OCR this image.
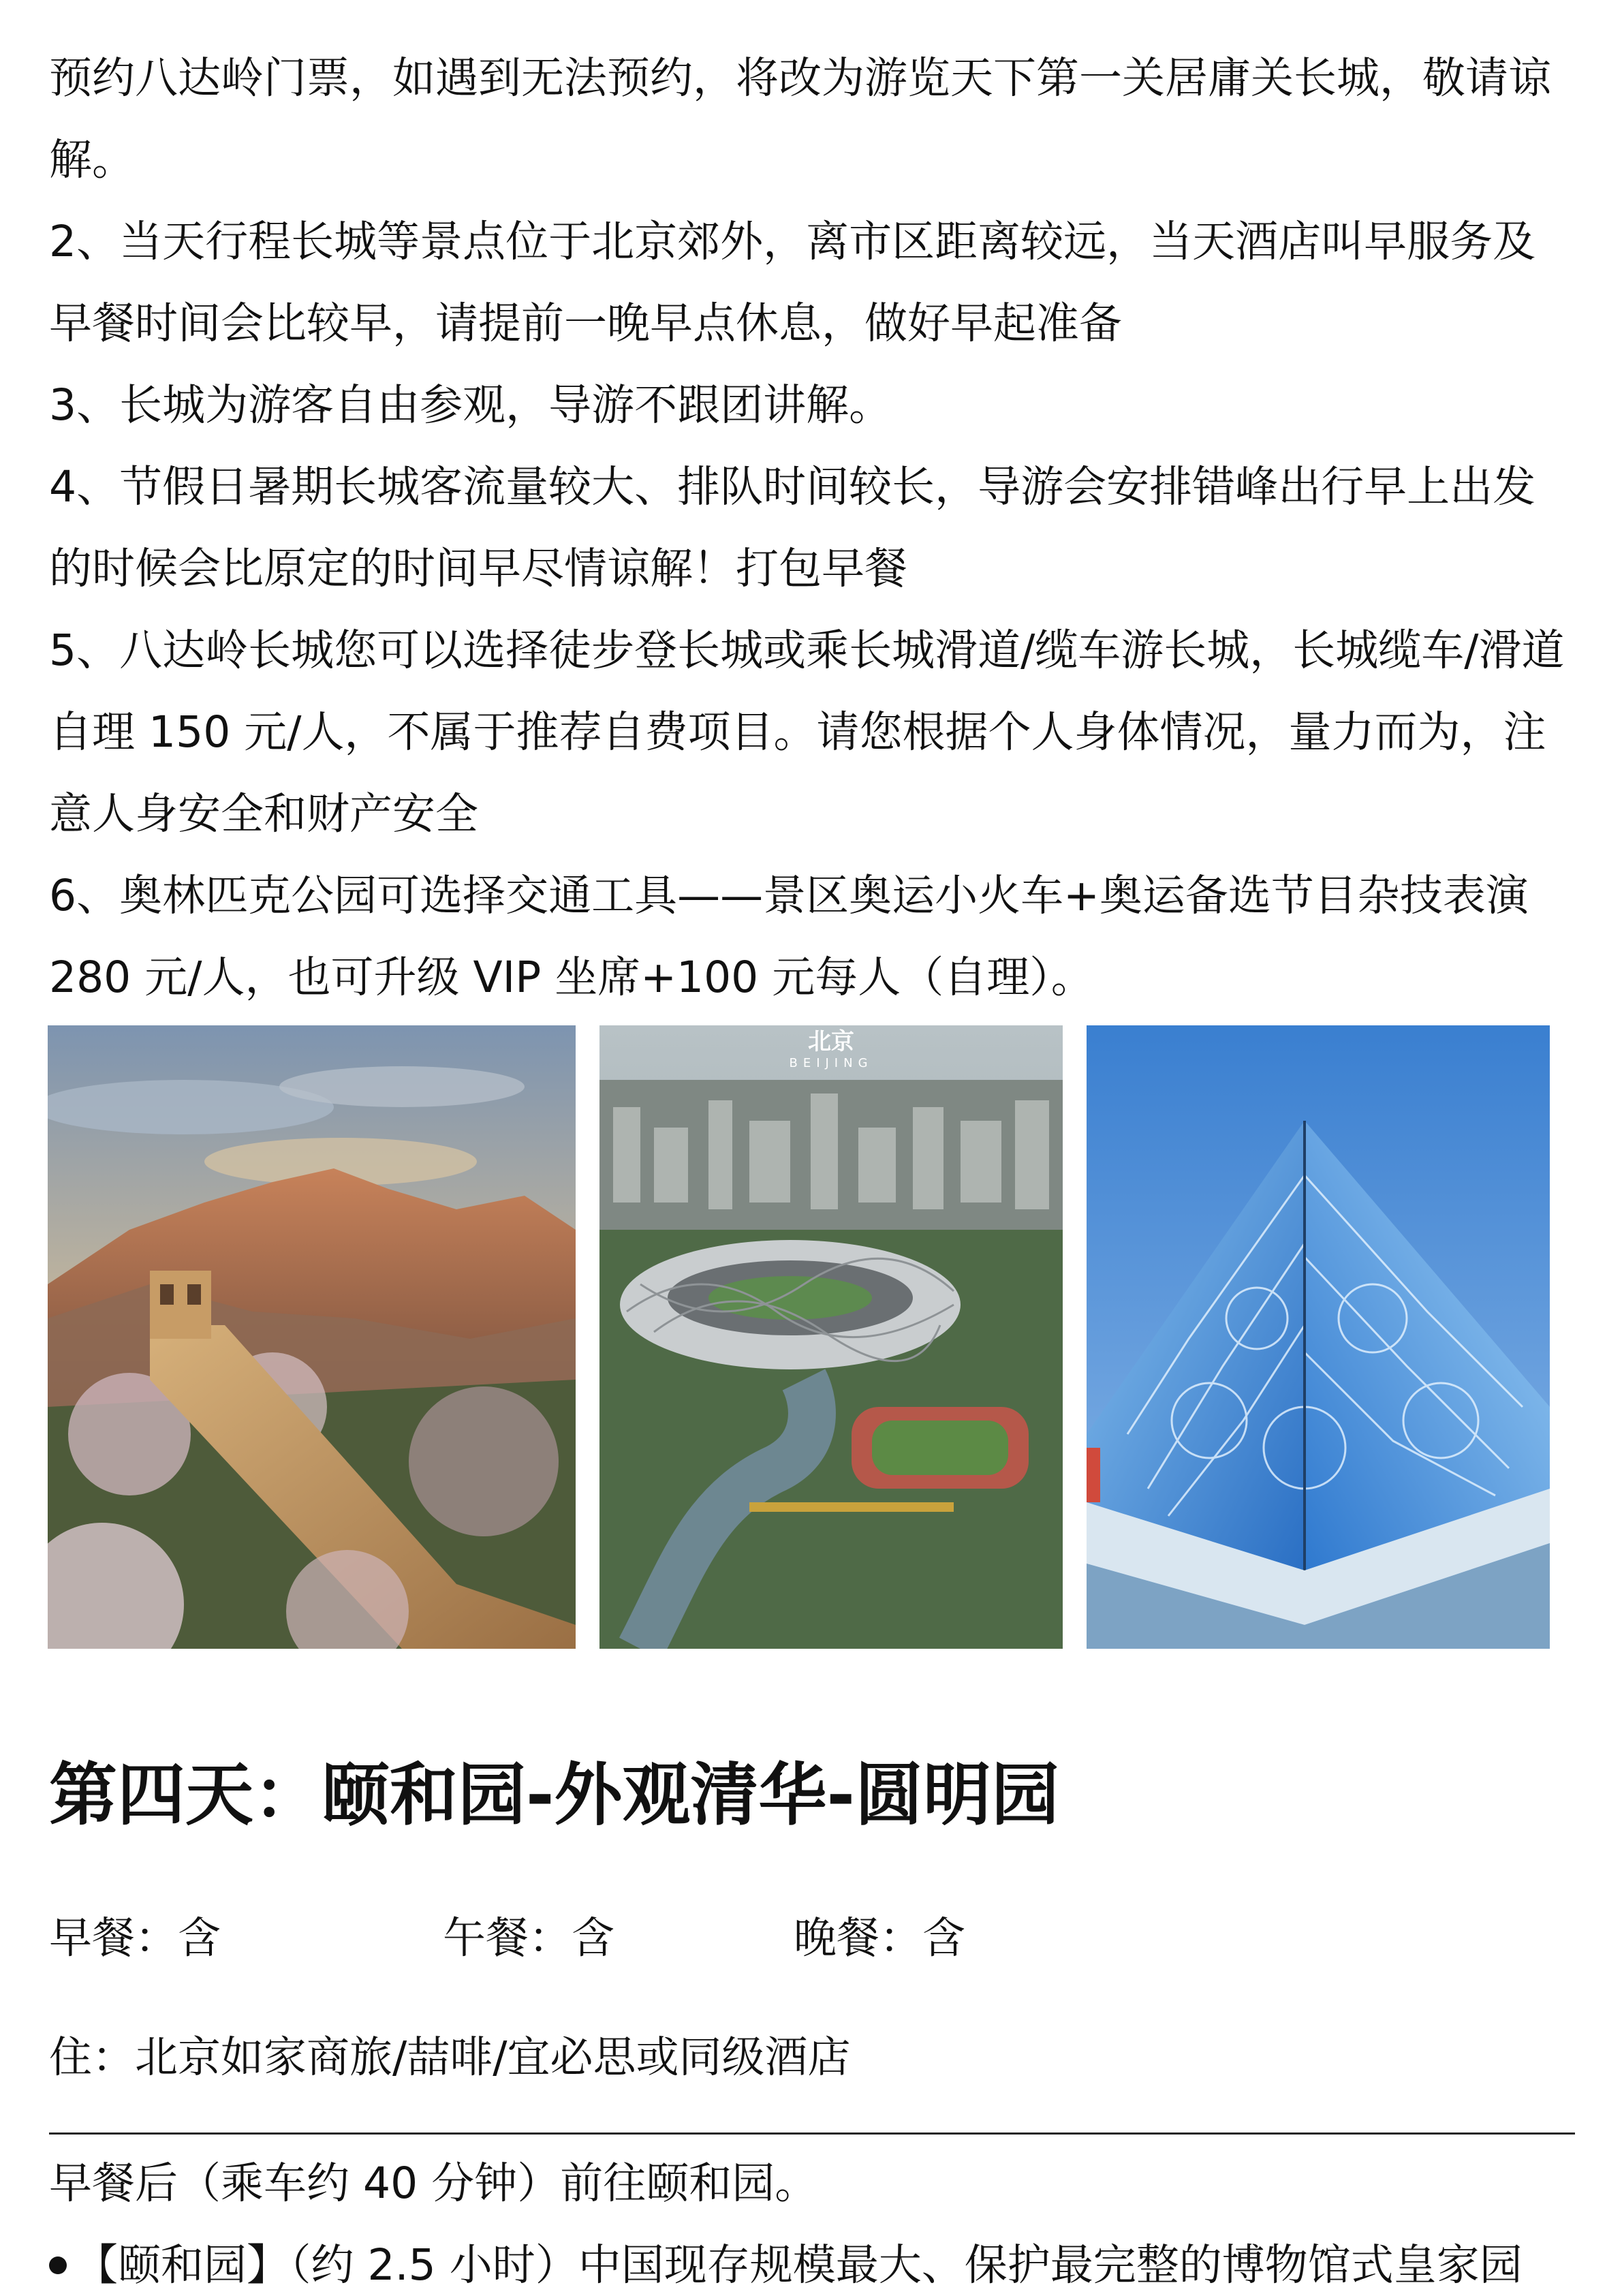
预约八达岭门票，如遇到无法预约，将改为游览天下第一关居庸关长城，敬请谅解。

2、当天行程长城等景点位于北京郊外，离市区距离较远，当天酒店叫早服务及早餐时间会比较早，请提前一晚早点休息，做好早起准备

3、长城为游客自由参观，导游不跟团讲解。

4、节假日暑期长城客流量较大、排队时间较长，导游会安排错峰出行早上出发的时候会比原定的时间早尽情谅解！打包早餐

5、八达岭长城您可以选择徒步登长城或乘长城滑道/缆车游长城，长城缆车/滑道自理 150 元/人，不属于推荐自费项目。请您根据个人身体情况，量力而为，注意人身安全和财产安全

6、奥林匹克公园可选择交通工具——景区奥运小火车+奥运备选节目杂技表演280 元/人，也可升级 VIP 坐席+100 元每人（自理）。

北京
BEIJING
第四天：颐和园-外观清华-圆明园
早餐：含	午餐：含	晚餐：含
住：北京如家商旅/喆啡/宜必思或同级酒店
早餐后（乘车约 40 分钟）前往颐和园。
【颐和园】（约 2.5 小时）中国现存规模最大、保护最完整的博物馆式皇家园
